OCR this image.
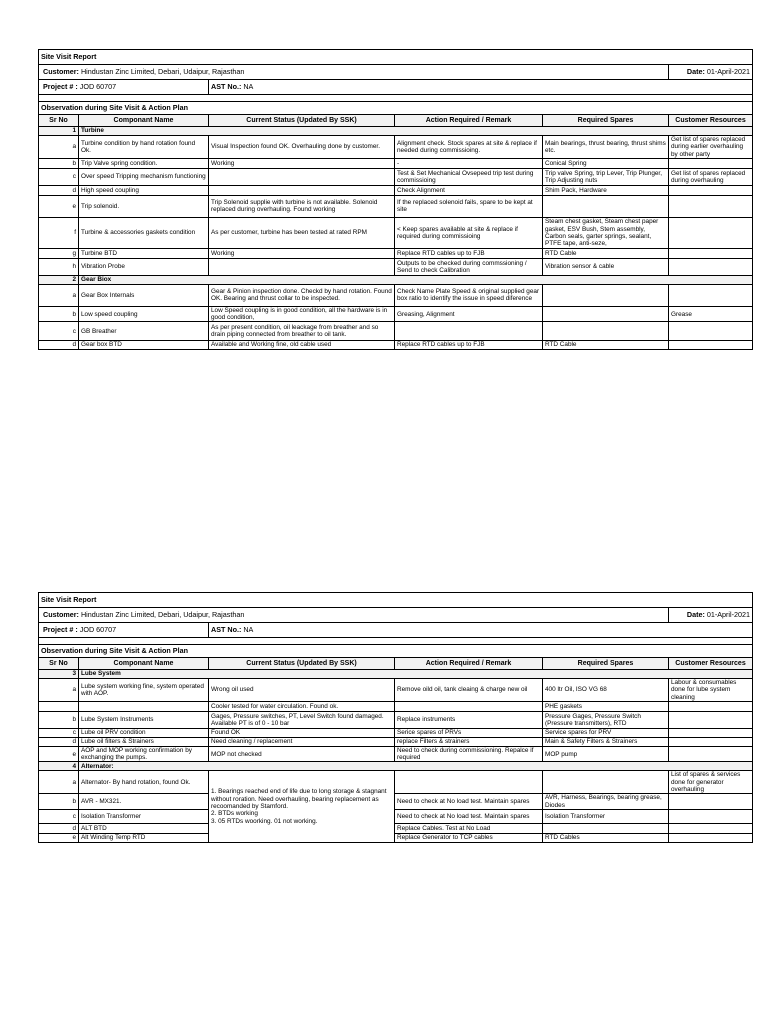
Site Visit Report					
Customer: Hindustan Zinc Limited, Debari, Udaipur, Rajasthan					Date: 01-April-2021
Project # : JOD 60707		AST No.: NA			

Observation during Site Visit & Action Plan					
Sr No	Componant Name	Current Status (Updated By SSK)	Action Required / Remark	Required Spares	Customer Resources
1	Turbine				
a	Turbine condition by hand rotation found Ok.	Visual Inspection found OK. Overhauling done by customer.	Alignment check. Stock spares at site & replace if needed during commissioing.	Main bearings, thrust bearing, thrust shims etc.	Get list of spares replaced during earlier overhauling by other party
b	Trip Valve spring condition.	Working	-	Conical Spring	
c	Over speed Tripping mechanism functioning		Test & Set Mechanical Ovsepeed trip test during commissioing	Trip valve Spring, trip Lever, Trip Plunger, Trip Adjusting nuts	Get list of spares replaced during overhauling
d	High speed coupling		Check Alignment	Shim Pack, Hardware	
e	Trip solenoid.	Trip Solenoid supplie with turbine is not available. Solenoid replaced during overhauling. Found working	If the replaced solenoid fails, spare to be kept at site		
f	Turbine & accessories gaskets condition	As per customer, turbine has been tested at rated RPM	< Keep spares available at site & replace if required during commissioing	Steam chest gasket, Steam chest paper gasket, ESV Bush, Stem assembly, Carbon seals, garter springs, sealant, PTFE tape, anti-seze,	
g	Turbine BTD	Working	Replace RTD cables up to FJB	RTD Cable	
h	Vibration Probe		Outputs to be checked during commssioning / Send to check Calibration	Vibration sensor & cable	
2	Gear Biox				
a	Gear Box Internals	Gear & Pinion inspection done. Checkd by hand rotation. Found OK. Bearing and thrust collar to be inspected.	Check Name Plate Speed & original supplied gear box ratio to identify the issue in speed diference		
b	Low speed coupling	Low Speed coupling is in good condition, all the hardware is in good condition,	Greasing, Alignment		Grease
c	GB Breather	As per present condition, oil leackage from breather and so drain piping connected from breather to oil tank.			
d	Gear box BTD	Available and Working fine, old cable used	Replace RTD cables up to FJB	RTD Cable	
Site Visit Report					
Customer: Hindustan Zinc Limited, Debari, Udaipur, Rajasthan					Date: 01-April-2021
Project # : JOD 60707		AST No.: NA			

Observation during Site Visit & Action Plan					
Sr No	Componant Name	Current Status (Updated By SSK)	Action Required / Remark	Required Spares	Customer Resources
3	Lube System				
a	Lube system working fine, system operated with AOP.	Wrong oil used	Remove oild oil, tank cleaing & charge new oil	400 ltr Oil, ISO VG 68	Labour & consumables done for lube system cleaning
		Cooler tested for water circulation. Found ok.		PHE gaskets	
b	Lube System Instruments	Gages, Pressure switches, PT, Level Switch found damaged. Available PT is of 0 - 10 bar	Replace instruments	Pressure Gages, Pressure Switch (Pressure transmitters), RTD	
c	Lube oil PRV condition	Found OK	Serice spares of PRVs	Service spares for PRV	
d	Lube oil filters & Strainers	Need cleaning / replacement	replace Filters & strainers	Main & Safety Filters & Strainers	
e	AOP and MOP working confirmation by exchanging the pumps.	MOP not checked	Need to check during commissioning. Repalce if required	MOP pump	
4	Alternator:				
a	Alternator- By hand rotation, found Ok.	1. Bearings reached end of life due to long storage & stagnant without roration. Need overhauling, bearing replacement as recoomanded by Stamford.
2. BTDs working
3. 05 RTDs woorking. 01 not working.			List of spares & services done for generator overhauling
b	AVR - MX321.		Need to check at No load test. Maintain spares	AVR, Harness, Bearings, bearing grease, Diodes	
c	Isolation Transformer		Need to check at No load test. Maintain spares	Isolation Transformer	
d	ALT BTD		Replace Cables. Test at No Load		
e	Alt Winding Temp RTD		Replace Generator to TCP cables	RTD Cables	
